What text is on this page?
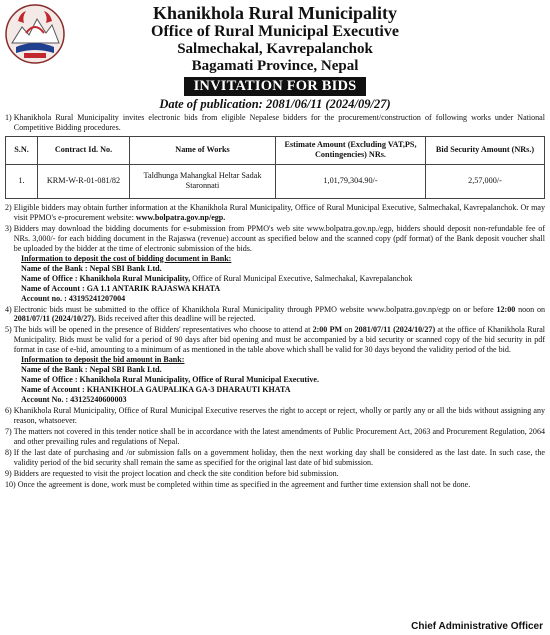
Khanikhola Rural Municipality
Office of Rural Municipal Executive
Salmechakal, Kavrepalanchok
Bagamati Province, Nepal
INVITATION FOR BIDS
Date of publication: 2081/06/11 (2024/09/27)
1) Khanikhola Rural Municipality invites electronic bids from eligible Nepalese bidders for the procurement/construction of following works under National Competitive Bidding procedures.
S.N.	Contract Id. No.	Name of Works	Estimate Amount (Excluding VAT,PS, Contingencies) NRs.	Bid Security Amount (NRs.)
1.	KRM-W-R-01-081/82	Taldhunga Mahangkal Heltar Sadak Staronnati	1,01,79,304.90/-	2,57,000/-
2) Eligible bidders may obtain further information at the Khanikhola Rural Municipality, Office of Rural Municipal Executive, Salmechakal, Kavrepalanchok. Or may visit PPMO's e-procurement website: www.bolpatra.gov.np/egp.
3) Bidders may download the bidding documents for e-submission from PPMO's web site www.bolpatra.gov.np./egp, bidders should deposit non-refundable fee of NRs. 3,000/- for each bidding document in the Rajaswa (revenue) account as specified below and the scanned copy (pdf format) of the Bank deposit voucher shall be uploaded by the bidder at the time of electronic submission of the bids.
Information to deposit the cost of bidding document in Bank:
Name of the Bank : Nepal SBI Bank Ltd.
Name of Office : Khanikhola Rural Municipality, Office of Rural Municipal Executive, Salmechakal, Kavrepalanchok
Name of Account : GA 1.1 ANTARIK RAJASWA KHATA
Account no. : 43195241207004
4) Electronic bids must be submitted to the office of Khanikhola Rural Municipality through PPMO website www.bolpatra.gov.np/egp on or before 12:00 noon on 2081/07/11 (2024/10/27). Bids received after this deadline will be rejected.
5) The bids will be opened in the presence of Bidders' representatives who choose to attend at 2:00 PM on 2081/07/11 (2024/10/27) at the office of Khanikhola Rural Municipality. Bids must be valid for a period of 90 days after bid opening and must be accompanied by a bid security or scanned copy of the bid security in pdf format in case of e-bid, amounting to a minimum of as mentioned in the table above which shall be valid for 30 days beyond the validity period of the bid.
Information to deposit the bid amount in Bank:
Name of the Bank : Nepal SBI Bank Ltd.
Name of Office : Khanikhola Rural Municipality, Office of Rural Municipal Executive.
Name of Account : KHANIKHOLA GAUPALIKA GA-3 DHARAUTI KHATA
Account No. : 43125240600003
6) Khanikhola Rural Municipality, Office of Rural Municipal Executive reserves the right to accept or reject, wholly or partly any or all the bids without assigning any reason, whatsoever.
7) The matters not covered in this tender notice shall be in accordance with the latest amendments of Public Procurement Act, 2063 and Procurement Regulation, 2064 and other prevailing rules and regulations of Nepal.
8) If the last date of purchasing and /or submission falls on a government holiday, then the next working day shall be considered as the last date. In such case, the validity period of the bid security shall remain the same as specified for the original last date of bid submission.
9) Bidders are requested to visit the project location and check the site condition before bid submission.
10) Once the agreement is done, work must be completed within time as specified in the agreement and further time extension shall not be done.
Chief Administrative Officer
